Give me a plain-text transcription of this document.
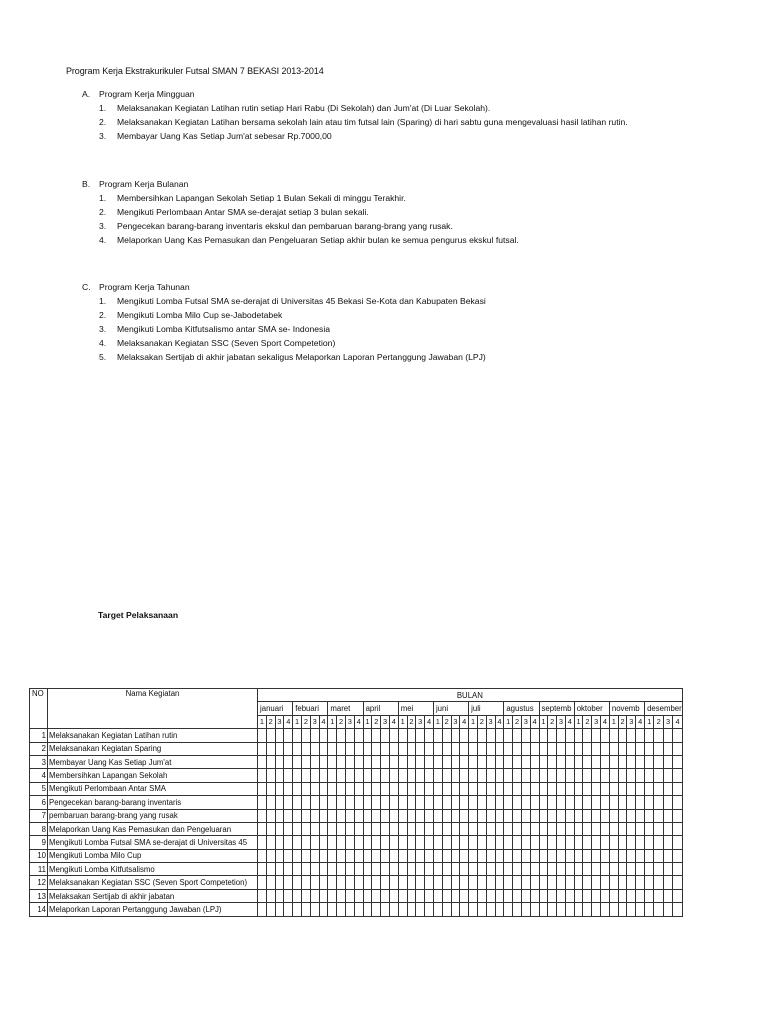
Program Kerja Ekstrakurikuler Futsal SMAN 7 BEKASI 2013-2014
A.	Program Kerja Mingguan
1.	Melaksanakan Kegiatan Latihan rutin setiap Hari Rabu (Di Sekolah) dan Jum'at (Di Luar Sekolah).
2.	Melaksanakan Kegiatan Latihan bersama sekolah lain atau tim futsal lain (Sparing) di hari sabtu guna mengevaluasi hasil latihan rutin.
3.	Membayar Uang Kas Setiap Jum'at sebesar Rp.7000,00
B.	Program Kerja Bulanan
1.	Membersihkan Lapangan Sekolah Setiap 1 Bulan Sekali di minggu Terakhir.
2.	Mengikuti Perlombaan Antar SMA se-derajat setiap 3 bulan sekali.
3.	Pengecekan barang-barang inventaris ekskul dan pembaruan barang-brang yang rusak.
4.	Melaporkan Uang Kas Pemasukan dan Pengeluaran Setiap akhir bulan ke semua pengurus ekskul futsal.
C. Program Kerja Tahunan
1.	Mengikuti Lomba Futsal SMA se-derajat di Universitas 45 Bekasi Se-Kota dan Kabupaten Bekasi
2.	Mengikuti Lomba Milo Cup se-Jabodetabek
3.	Mengikuti Lomba Kitfutsalismo antar SMA se- Indonesia
4.	Melaksanakan Kegiatan SSC (Seven Sport Competetion)
5.	Melaksakan Sertijab di akhir jabatan sekaligus Melaporkan Laporan Pertanggung Jawaban (LPJ)
Target Pelaksanaan
NO	Nama Kegiatan	BULAN																																															
		januari				febuari				maret				april				mei				juni				juli				agustus				septemb				oktober				novemb				desember			
		1	2	3	4	1	2	3	4	1	2	3	4	1	2	3	4	1	2	3	4	1	2	3	4	1	2	3	4	1	2	3	4	1	2	3	4	1	2	3	4	1	2	3	4	1	2	3	4
1	Melaksanakan Kegiatan Latihan rutin																																																
2	Melaksanakan Kegiatan Sparing																																																
3	Membayar Uang Kas Setiap Jum'at																																																
4	Membersihkan Lapangan Sekolah																																																
5	Mengikuti Perlombaan Antar SMA																																																
6	Pengecekan barang-barang inventaris																																																
7	pembaruan barang-brang yang rusak																																																
8	Melaporkan Uang Kas Pemasukan dan Pengeluaran																																																
9	Mengikuti Lomba Futsal SMA se-derajat di Universitas 45																																																
10	Mengikuti Lomba Milo Cup																																																
11	Mengikuti Lomba Kitfutsalismo																																																
12	Melaksanakan Kegiatan SSC (Seven Sport Competetion)																																																
13	Melaksakan Sertijab di akhir jabatan																																																
14	Melaporkan Laporan Pertanggung Jawaban (LPJ)																																																
